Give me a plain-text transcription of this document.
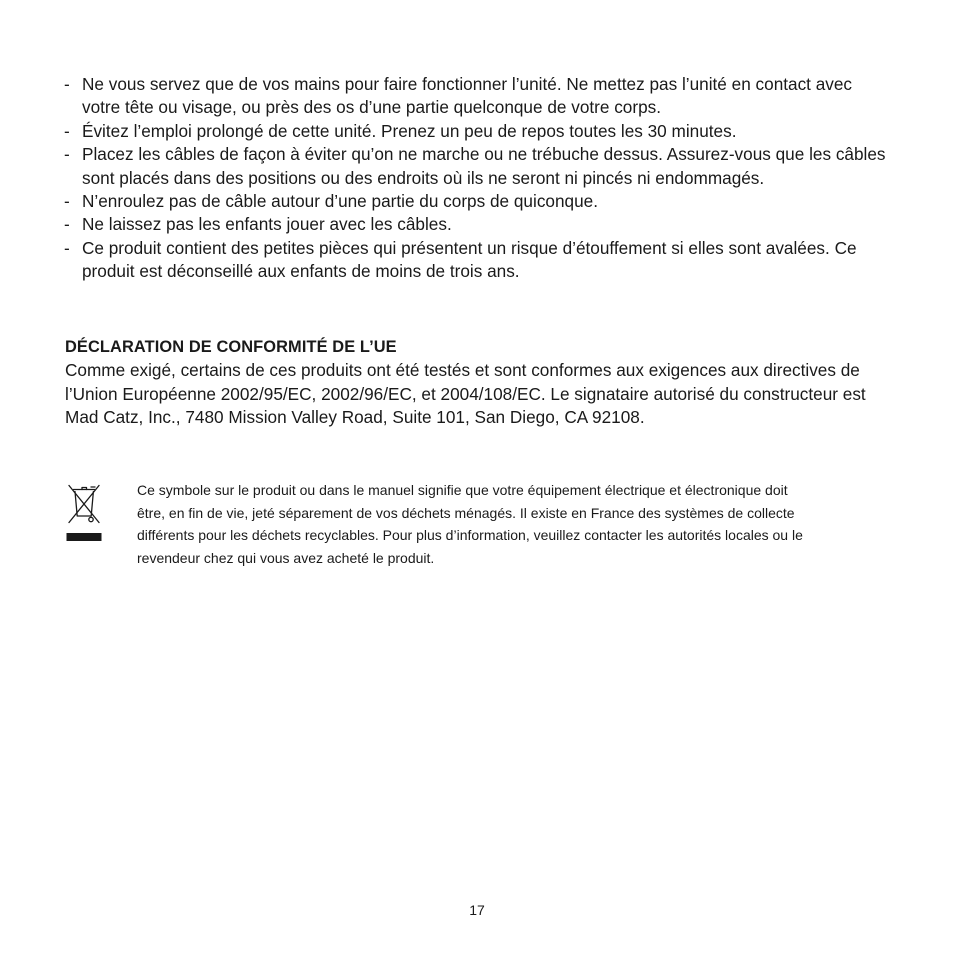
- Ne vous servez que de vos mains pour faire fonctionner l’unité. Ne mettez pas l’unité en contact avec votre tête ou visage, ou près des os d’une partie quelconque de votre corps.
- Évitez l’emploi prolongé de cette unité. Prenez un peu de repos toutes les 30 minutes.
- Placez les câbles de façon à éviter qu’on ne marche ou ne trébuche dessus. Assurez-vous que les câbles sont placés dans des positions ou des endroits où ils ne seront ni pincés ni endommagés.
- N’enroulez pas de câble autour d’une partie du corps de quiconque.
- Ne laissez pas les enfants jouer avec les câbles.
- Ce produit contient des petites pièces qui présentent un risque d’étouffement si elles sont avalées. Ce produit est déconseillé aux enfants de moins de trois ans.
DÉCLARATION DE CONFORMITÉ DE L’UE

Comme exigé, certains de ces produits ont été testés et sont conformes aux exigences aux directives de l’Union Européenne 2002/95/EC, 2002/96/EC, et 2004/108/EC. Le signataire autorisé du constructeur est Mad Catz, Inc., 7480 Mission Valley Road, Suite 101, San Diego, CA 92108.

Ce symbole sur le produit ou dans le manuel signifie que votre équipement électrique et électronique doit être, en fin de vie, jeté séparement de vos déchets ménagés. Il existe en France des systèmes de collecte différents pour les déchets recyclables. Pour plus d’information, veuillez contacter les autorités locales ou le revendeur chez qui vous avez acheté le produit.

17
